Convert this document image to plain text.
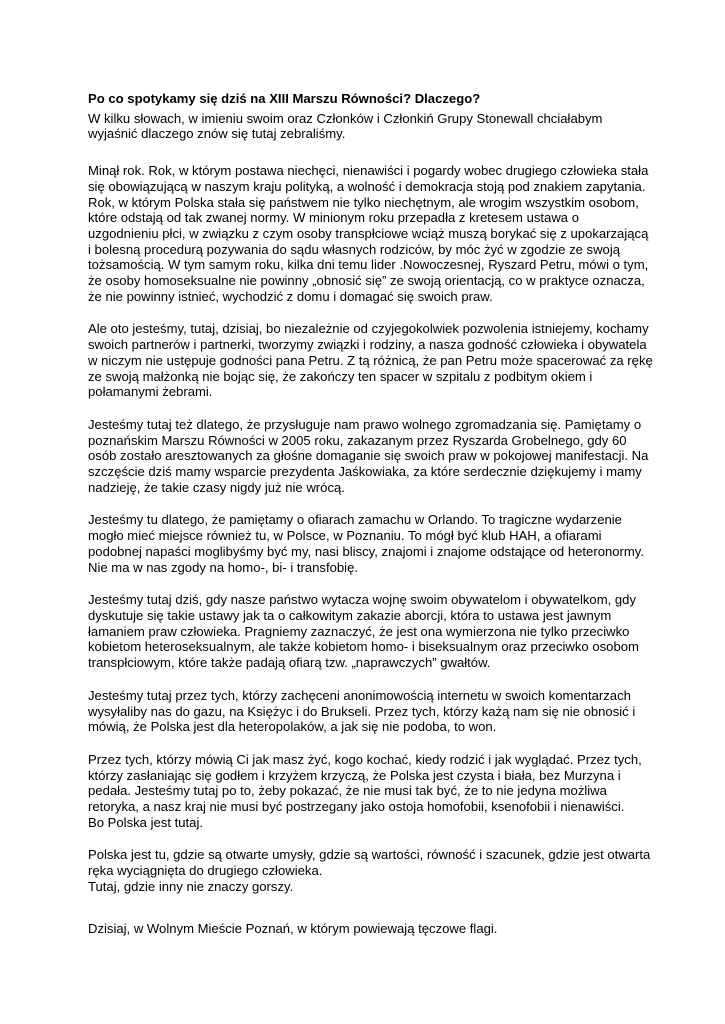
Po co spotykamy się dziś na XIII Marszu Równości? Dlaczego?
W kilku słowach, w imieniu swoim oraz Członków i Członkiń Grupy Stonewall chciałabym
wyjaśnić dlaczego znów się tutaj zebraliśmy.
Minął rok. Rok, w którym postawa niechęci, nienawiści i pogardy wobec drugiego człowieka stała
się obowiązującą w naszym kraju polityką, a wolność i demokracja stoją pod znakiem zapytania.
Rok, w którym Polska stała się państwem nie tylko niechętnym, ale wrogim wszystkim osobom,
które odstają od tak zwanej normy. W minionym roku przepadła z kretesem ustawa o
uzgodnieniu płci, w związku z czym osoby transpłciowe wciąż muszą borykać się z upokarzającą
i bolesną procedurą pozywania do sądu własnych rodziców, by móc żyć w zgodzie ze swoją
tożsamością. W tym samym roku, kilka dni temu lider .Nowoczesnej, Ryszard Petru, mówi o tym,
że osoby homoseksualne nie powinny „obnosić się” ze swoją orientacją, co w praktyce oznacza,
że nie powinny istnieć, wychodzić z domu i domagać się swoich praw.
Ale oto jesteśmy, tutaj, dzisiaj, bo niezależnie od czyjegokolwiek pozwolenia istniejemy, kochamy
swoich partnerów i partnerki, tworzymy związki i rodziny, a nasza godność człowieka i obywatela
w niczym nie ustępuje godności pana Petru. Z tą różnicą, że pan Petru może spacerować za rękę
ze swoją małżonką nie bojąc się, że zakończy ten spacer w szpitalu z podbitym okiem i
połamanymi żebrami.
Jesteśmy tutaj też dlatego, że przysługuje nam prawo wolnego zgromadzania się. Pamiętamy o
poznańskim Marszu Równości w 2005 roku, zakazanym przez Ryszarda Grobelnego, gdy 60
osób zostało aresztowanych za głośne domaganie się swoich praw w pokojowej manifestacji. Na
szczęście dziś mamy wsparcie prezydenta Jaśkowiaka, za które serdecznie dziękujemy i mamy
nadzieję, że takie czasy nigdy już nie wrócą.
Jesteśmy tu dlatego, że pamiętamy o ofiarach zamachu w Orlando. To tragiczne wydarzenie
mogło mieć miejsce również tu, w Polsce, w Poznaniu. To mógł być klub HAH, a ofiarami
podobnej napaści moglibyśmy być my, nasi bliscy, znajomi i znajome odstające od heteronormy.
Nie ma w nas zgody na homo-, bi- i transfobię.
Jesteśmy tutaj dziś, gdy nasze państwo wytacza wojnę swoim obywatelom i obywatelkom, gdy
dyskutuje się takie ustawy jak ta o całkowitym zakazie aborcji, która to ustawa jest jawnym
łamaniem praw człowieka. Pragniemy zaznaczyć, że jest ona wymierzona nie tylko przeciwko
kobietom heteroseksualnym, ale także kobietom homo- i biseksualnym oraz przeciwko osobom
transpłciowym, które także padają ofiarą tzw. „naprawczych” gwałtów.
Jesteśmy tutaj przez tych, którzy zachęceni anonimowością internetu w swoich komentarzach
wysyłaliby nas do gazu, na Księżyc i do Brukseli. Przez tych, którzy każą nam się nie obnosić i
mówią, że Polska jest dla heteropolaków, a jak się nie podoba, to won.
Przez tych, którzy mówią Ci jak masz żyć, kogo kochać, kiedy rodzić i jak wyglądać. Przez tych,
którzy zasłaniając się godłem i krzyżem krzyczą, że Polska jest czysta i biała, bez Murzyna i
pedała. Jesteśmy tutaj po to, żeby pokazać, że nie musi tak być, że to nie jedyna możliwa
retoryka, a nasz kraj nie musi być postrzegany jako ostoja homofobii, ksenofobii i nienawiści.
Bo Polska jest tutaj.
Polska jest tu, gdzie są otwarte umysły, gdzie są wartości, równość i szacunek, gdzie jest otwarta
ręka wyciągnięta do drugiego człowieka.
Tutaj, gdzie inny nie znaczy gorszy.
Dzisiaj, w Wolnym Mieście Poznań, w którym powiewają tęczowe flagi.
